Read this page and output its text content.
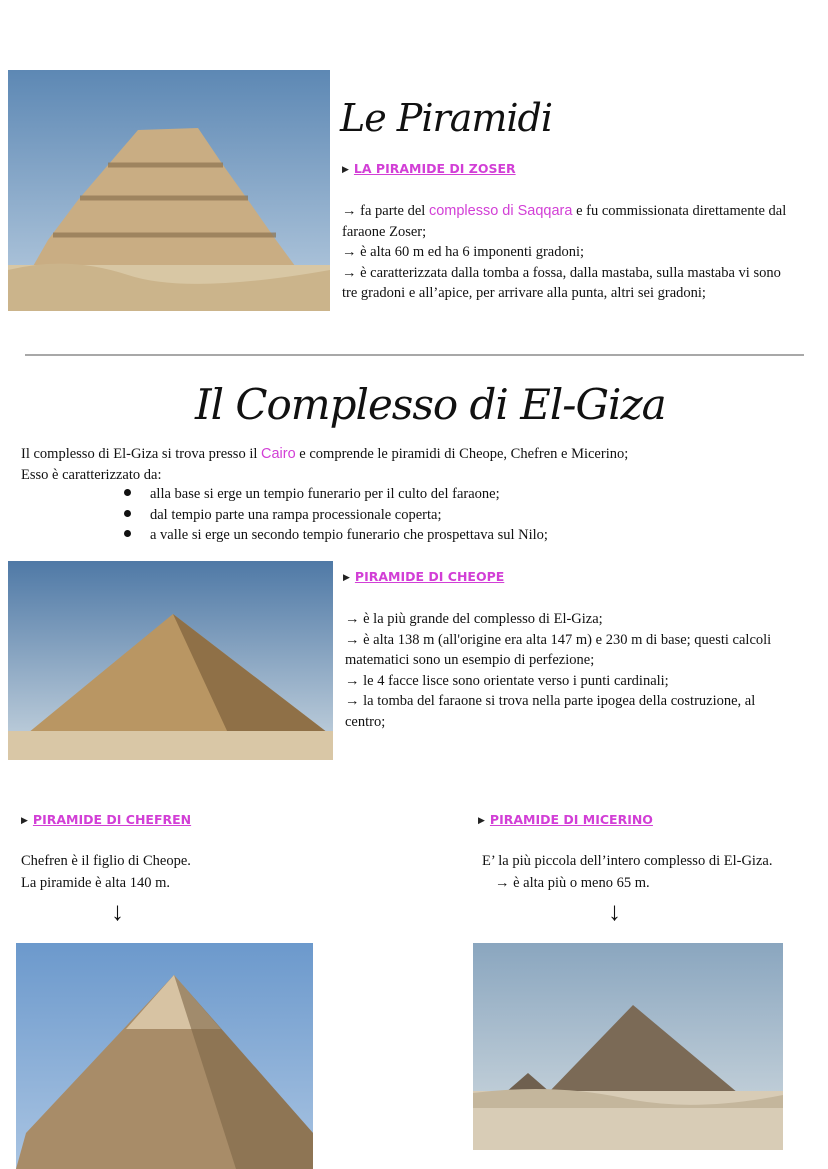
Le Piramidi
▶ LA PIRAMIDE DI ZOSER
→ fa parte del complesso di Saqqara e fu commissionata direttamente dal
faraone Zoser;
→ è alta 60 m ed ha 6 imponenti gradoni;
→ è caratterizzata dalla tomba a fossa, dalla mastaba, sulla mastaba vi sono
tre gradoni e all’apice, per arrivare alla punta, altri sei gradoni;
Il Complesso di El-Giza
Il complesso di El-Giza si trova presso il Cairo e comprende le piramidi di Cheope, Chefren e Micerino;
Esso è caratterizzato da:
alla base si erge un tempio funerario per il culto del faraone;
dal tempio parte una rampa processionale coperta;
a valle si erge un secondo tempio funerario che prospettava sul Nilo;
▶ PIRAMIDE DI CHEOPE
→ è la più grande del complesso di El-Giza;
→ è alta 138 m (all'origine era alta 147 m) e 230 m di base; questi calcoli
matematici sono un esempio di perfezione;
→ le 4 facce lisce sono orientate verso i punti cardinali;
→ la tomba del faraone si trova nella parte ipogea della costruzione, al
centro;
▶ PIRAMIDE DI CHEFREN
Chefren è il figlio di Cheope.
La piramide è alta 140 m.
↓
▶ PIRAMIDE DI MICERINO
E’ la più piccola dell’intero complesso di El-Giza.
→ è alta più o meno 65 m.
↓
